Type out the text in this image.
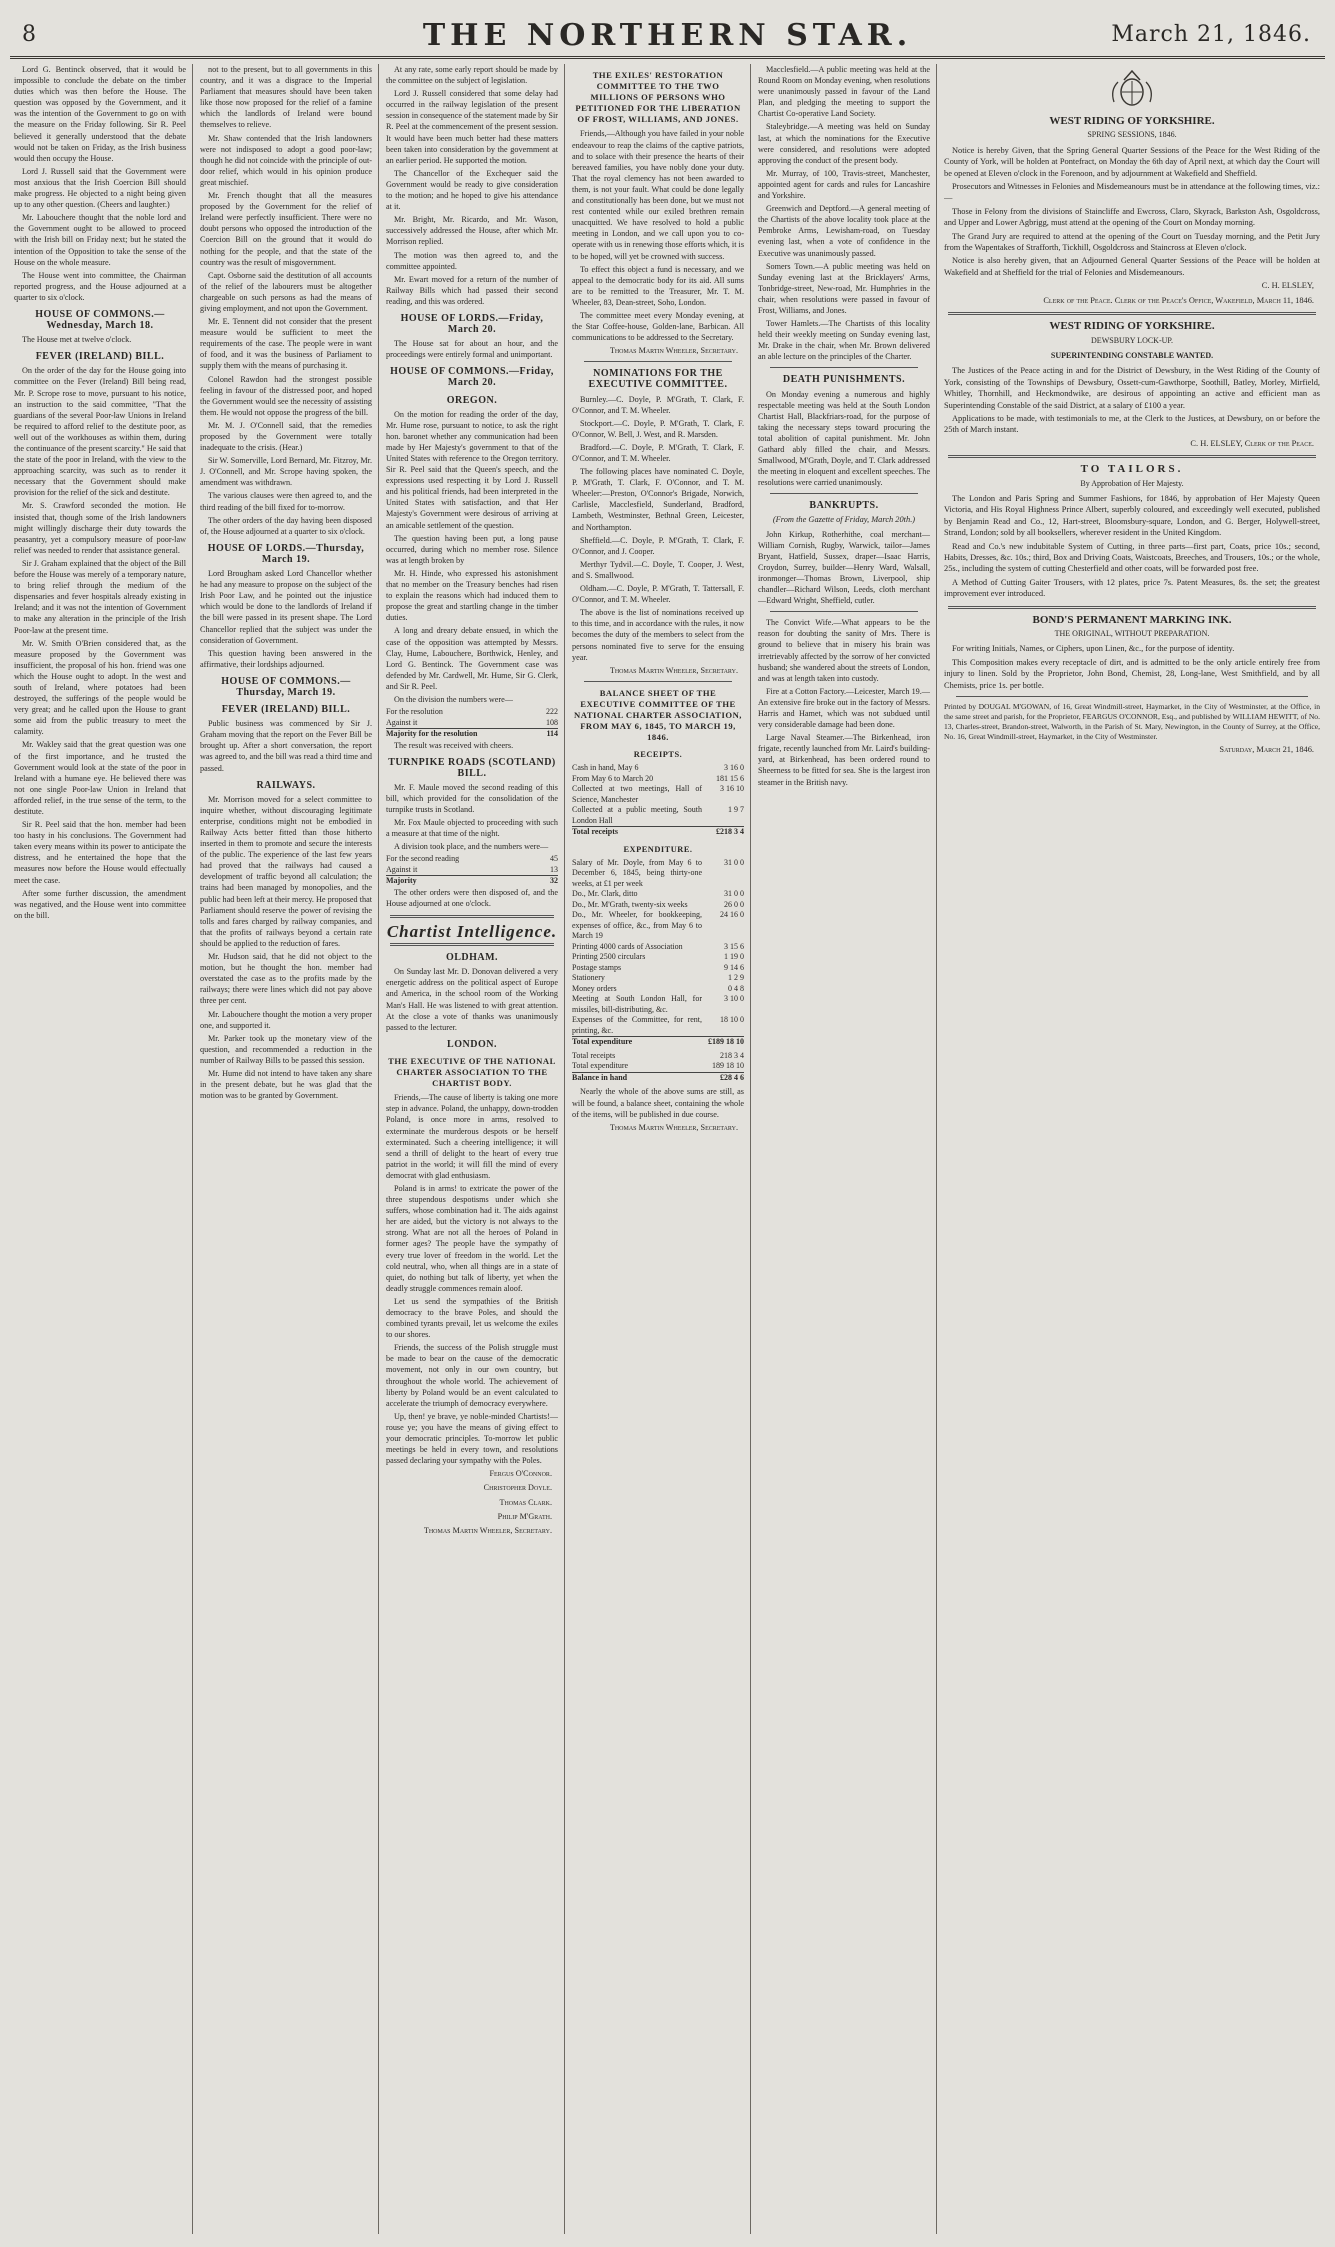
8	THE NORTHERN STAR.	March 21, 1846.

Lord G. Bentinck observed, that it would be impossible to conclude the debate on the timber duties which was then before the House. The question was opposed by the Government, and it was the intention of the Government to go on with the measure on the Friday following. Sir R. Peel believed it generally understood that the debate would not be taken on Friday, as the Irish business would then occupy the House.

Lord J. Russell said that the Government were most anxious that the Irish Coercion Bill should make progress. He objected to a night being given up to any other question. (Cheers and laughter.)

Mr. Labouchere thought that the noble lord and the Government ought to be allowed to proceed with the Irish bill on Friday next; but he stated the intention of the Opposition to take the sense of the House on the whole measure.

The House went into committee, the Chairman reported progress, and the House adjourned at a quarter to six o'clock.

HOUSE OF COMMONS.—Wednesday, March 18.

The House met at twelve o'clock.

FEVER (IRELAND) BILL.

On the order of the day for the House going into committee on the Fever (Ireland) Bill being read, Mr. P. Scrope rose to move, pursuant to his notice, an instruction to the said committee, "That the guardians of the several Poor-law Unions in Ireland be required to afford relief to the destitute poor, as well out of the workhouses as within them, during the continuance of the present scarcity." He said that the state of the poor in Ireland, with the view to the approaching scarcity, was such as to render it necessary that the Government should make provision for the relief of the sick and destitute.

Mr. S. Crawford seconded the motion. He insisted that, though some of the Irish landowners might willingly discharge their duty towards the peasantry, yet a compulsory measure of poor-law relief was needed to render that assistance general.

Sir J. Graham explained that the object of the Bill before the House was merely of a temporary nature, to bring relief through the medium of the dispensaries and fever hospitals already existing in Ireland; and it was not the intention of Government to make any alteration in the principle of the Irish Poor-law at the present time.

Mr. W. Smith O'Brien considered that, as the measure proposed by the Government was insufficient, the proposal of his hon. friend was one which the House ought to adopt. In the west and south of Ireland, where potatoes had been destroyed, the sufferings of the people would be very great; and he called upon the House to grant some aid from the public treasury to meet the calamity.

Mr. Wakley said that the great question was one of the first importance, and he trusted the Government would look at the state of the poor in Ireland with a humane eye. He believed there was not one single Poor-law Union in Ireland that afforded relief, in the true sense of the term, to the destitute.

Sir R. Peel said that the hon. member had been too hasty in his conclusions. The Government had taken every means within its power to anticipate the distress, and he entertained the hope that the measures now before the House would effectually meet the case.

After some further discussion, the amendment was negatived, and the House went into committee on the bill.

not to the present, but to all governments in this country, and it was a disgrace to the Imperial Parliament that measures should have been taken like those now proposed for the relief of a famine which the landlords of Ireland were bound themselves to relieve.

Mr. Shaw contended that the Irish landowners were not indisposed to adopt a good poor-law; though he did not coincide with the principle of out-door relief, which would in his opinion produce great mischief.

Mr. French thought that all the measures proposed by the Government for the relief of Ireland were perfectly insufficient. There were no doubt persons who opposed the introduction of the Coercion Bill on the ground that it would do nothing for the people, and that the state of the country was the result of misgovernment.

Capt. Osborne said the destitution of all accounts of the relief of the labourers must be altogether chargeable on such persons as had the means of giving employment, and not upon the Government.

Mr. E. Tennent did not consider that the present measure would be sufficient to meet the requirements of the case. The people were in want of food, and it was the business of Parliament to supply them with the means of purchasing it.

Colonel Rawdon had the strongest possible feeling in favour of the distressed poor, and hoped the Government would see the necessity of assisting them. He would not oppose the progress of the bill.

Mr. M. J. O'Connell said, that the remedies proposed by the Government were totally inadequate to the crisis. (Hear.)

Sir W. Somerville, Lord Bernard, Mr. Fitzroy, Mr. J. O'Connell, and Mr. Scrope having spoken, the amendment was withdrawn.

The various clauses were then agreed to, and the third reading of the bill fixed for to-morrow.

The other orders of the day having been disposed of, the House adjourned at a quarter to six o'clock.

HOUSE OF LORDS.—Thursday, March 19.

Lord Brougham asked Lord Chancellor whether he had any measure to propose on the subject of the Irish Poor Law, and he pointed out the injustice which would be done to the landlords of Ireland if the bill were passed in its present shape. The Lord Chancellor replied that the subject was under the consideration of Government.

This question having been answered in the affirmative, their lordships adjourned.

HOUSE OF COMMONS.—Thursday, March 19.
FEVER (IRELAND) BILL.

Public business was commenced by Sir J. Graham moving that the report on the Fever Bill be brought up. After a short conversation, the report was agreed to, and the bill was read a third time and passed.

RAILWAYS.

Mr. Morrison moved for a select committee to inquire whether, without discouraging legitimate enterprise, conditions might not be embodied in Railway Acts better fitted than those hitherto inserted in them to promote and secure the interests of the public. The experience of the last few years had proved that the railways had caused a development of traffic beyond all calculation; the trains had been managed by monopolies, and the public had been left at their mercy. He proposed that Parliament should reserve the power of revising the tolls and fares charged by railway companies, and that the profits of railways beyond a certain rate should be applied to the reduction of fares.

Mr. Hudson said, that he did not object to the motion, but he thought the hon. member had overstated the case as to the profits made by the railways; there were lines which did not pay above three per cent.

Mr. Labouchere thought the motion a very proper one, and supported it.

Mr. Parker took up the monetary view of the question, and recommended a reduction in the number of Railway Bills to be passed this session.

Mr. Hume did not intend to have taken any share in the present debate, but he was glad that the motion was to be granted by Government.

At any rate, some early report should be made by the committee on the subject of legislation.

Lord J. Russell considered that some delay had occurred in the railway legislation of the present session in consequence of the statement made by Sir R. Peel at the commencement of the present session. It would have been much better had these matters been taken into consideration by the government at an earlier period. He supported the motion.

The Chancellor of the Exchequer said the Government would be ready to give consideration to the motion; and he hoped to give his attendance at it.

Mr. Bright, Mr. Ricardo, and Mr. Wason, successively addressed the House, after which Mr. Morrison replied.

The motion was then agreed to, and the committee appointed.

Mr. Ewart moved for a return of the number of Railway Bills which had passed their second reading, and this was ordered.

HOUSE OF LORDS.—Friday, March 20.

The House sat for about an hour, and the proceedings were entirely formal and unimportant.

HOUSE OF COMMONS.—Friday, March 20.
OREGON.

On the motion for reading the order of the day, Mr. Hume rose, pursuant to notice, to ask the right hon. baronet whether any communication had been made by Her Majesty's government to that of the United States with reference to the Oregon territory. Sir R. Peel said that the Queen's speech, and the expressions used respecting it by Lord J. Russell and his political friends, had been interpreted in the United States with satisfaction, and that Her Majesty's Government were desirous of arriving at an amicable settlement of the question.

The question having been put, a long pause occurred, during which no member rose. Silence was at length broken by

Mr. H. Hinde, who expressed his astonishment that no member on the Treasury benches had risen to explain the reasons which had induced them to propose the great and startling change in the timber duties.

A long and dreary debate ensued, in which the case of the opposition was attempted by Messrs. Clay, Hume, Labouchere, Borthwick, Henley, and Lord G. Bentinck. The Government case was defended by Mr. Cardwell, Mr. Hume, Sir G. Clerk, and Sir R. Peel.

On the division the numbers were—

For the resolution	222
Against it	108
Majority for the resolution	114

The result was received with cheers.

TURNPIKE ROADS (SCOTLAND) BILL.

Mr. F. Maule moved the second reading of this bill, which provided for the consolidation of the turnpike trusts in Scotland.

Mr. Fox Maule objected to proceeding with such a measure at that time of the night.

A division took place, and the numbers were—

For the second reading	45
Against it	13
Majority	32

The other orders were then disposed of, and the House adjourned at one o'clock.

Chartist Intelligence.
OLDHAM.

On Sunday last Mr. D. Donovan delivered a very energetic address on the political aspect of Europe and America, in the school room of the Working Man's Hall. He was listened to with great attention. At the close a vote of thanks was unanimously passed to the lecturer.

LONDON.
THE EXECUTIVE OF THE NATIONAL CHARTER ASSOCIATION TO THE CHARTIST BODY.

Friends,—The cause of liberty is taking one more step in advance. Poland, the unhappy, down-trodden Poland, is once more in arms, resolved to exterminate the murderous despots or be herself exterminated. Such a cheering intelligence; it will send a thrill of delight to the heart of every true patriot in the world; it will fill the mind of every democrat with glad enthusiasm.

Poland is in arms! to extricate the power of the three stupendous despotisms under which she suffers, whose combination had it. The aids against her are aided, but the victory is not always to the strong. What are not all the heroes of Poland in former ages? The people have the sympathy of every true lover of freedom in the world. Let the cold neutral, who, when all things are in a state of quiet, do nothing but talk of liberty, yet when the deadly struggle commences remain aloof.

Let us send the sympathies of the British democracy to the brave Poles, and should the combined tyrants prevail, let us welcome the exiles to our shores.

Friends, the success of the Polish struggle must be made to bear on the cause of the democratic movement, not only in our own country, but throughout the whole world. The achievement of liberty by Poland would be an event calculated to accelerate the triumph of democracy everywhere.

Up, then! ye brave, ye noble-minded Chartists!—rouse ye; you have the means of giving effect to your democratic principles. To-morrow let public meetings be held in every town, and resolutions passed declaring your sympathy with the Poles.

Fergus O'Connor.

Christopher Doyle.

Thomas Clark.

Philip M'Grath.

Thomas Martin Wheeler, Secretary.

THE EXILES' RESTORATION COMMITTEE TO THE TWO MILLIONS OF PERSONS WHO PETITIONED FOR THE LIBERATION OF FROST, WILLIAMS, AND JONES.

Friends,—Although you have failed in your noble endeavour to reap the claims of the captive patriots, and to solace with their presence the hearts of their bereaved families, you have nobly done your duty. That the royal clemency has not been awarded to them, is not your fault. What could be done legally and constitutionally has been done, but we must not rest contented while our exiled brethren remain unacquitted. We have resolved to hold a public meeting in London, and we call upon you to co-operate with us in renewing those efforts which, it is to be hoped, will yet be crowned with success.

To effect this object a fund is necessary, and we appeal to the democratic body for its aid. All sums are to be remitted to the Treasurer, Mr. T. M. Wheeler, 83, Dean-street, Soho, London.

The committee meet every Monday evening, at the Star Coffee-house, Golden-lane, Barbican. All communications to be addressed to the Secretary.

Thomas Martin Wheeler, Secretary.

NOMINATIONS FOR THE EXECUTIVE COMMITTEE.

Burnley.—C. Doyle, P. M'Grath, T. Clark, F. O'Connor, and T. M. Wheeler.

Stockport.—C. Doyle, P. M'Grath, T. Clark, F. O'Connor, W. Bell, J. West, and R. Marsden.

Bradford.—C. Doyle, P. M'Grath, T. Clark, F. O'Connor, and T. M. Wheeler.

The following places have nominated C. Doyle, P. M'Grath, T. Clark, F. O'Connor, and T. M. Wheeler:—Preston, O'Connor's Brigade, Norwich, Carlisle, Macclesfield, Sunderland, Bradford, Lambeth, Westminster, Bethnal Green, Leicester, and Northampton.

Sheffield.—C. Doyle, P. M'Grath, T. Clark, F. O'Connor, and J. Cooper.

Merthyr Tydvil.—C. Doyle, T. Cooper, J. West, and S. Smallwood.

Oldham.—C. Doyle, P. M'Grath, T. Tattersall, F. O'Connor, and T. M. Wheeler.

The above is the list of nominations received up to this time, and in accordance with the rules, it now becomes the duty of the members to select from the persons nominated five to serve for the ensuing year.

Thomas Martin Wheeler, Secretary.

BALANCE SHEET OF THE EXECUTIVE COMMITTEE OF THE NATIONAL CHARTER ASSOCIATION, FROM MAY 6, 1845, TO MARCH 19, 1846.
RECEIPTS.
Cash in hand, May 6	3 16 0
From May 6 to March 20	181 15 6
Collected at two meetings, Hall of Science, Manchester	3 16 10
Collected at a public meeting, South London Hall	1 9 7
Total receipts	£218 3 4
EXPENDITURE.
Salary of Mr. Doyle, from May 6 to December 6, 1845, being thirty-one weeks, at £1 per week	31 0 0
Do., Mr. Clark, ditto	31 0 0
Do., Mr. M'Grath, twenty-six weeks	26 0 0
Do., Mr. Wheeler, for bookkeeping, expenses of office, &c., from May 6 to March 19	24 16 0
Printing 4000 cards of Association	3 15 6
Printing 2500 circulars	1 19 0
Postage stamps	9 14 6
Stationery	1 2 9
Money orders	0 4 8
Meeting at South London Hall, for missiles, bill-distributing, &c.	3 10 0
Expenses of the Committee, for rent, printing, &c.	18 10 0
Total expenditure	£189 18 10
Total receipts	218 3 4
Total expenditure	189 18 10
Balance in hand	£28 4 6

Nearly the whole of the above sums are still, as will be found, a balance sheet, containing the whole of the items, will be published in due course.

Thomas Martin Wheeler, Secretary.

Macclesfield.—A public meeting was held at the Round Room on Monday evening, when resolutions were unanimously passed in favour of the Land Plan, and pledging the meeting to support the Chartist Co-operative Land Society.

Staleybridge.—A meeting was held on Sunday last, at which the nominations for the Executive were considered, and resolutions were adopted approving the conduct of the present body.

Mr. Murray, of 100, Travis-street, Manchester, appointed agent for cards and rules for Lancashire and Yorkshire.

Greenwich and Deptford.—A general meeting of the Chartists of the above locality took place at the Pembroke Arms, Lewisham-road, on Tuesday evening last, when a vote of confidence in the Executive was unanimously passed.

Somers Town.—A public meeting was held on Sunday evening last at the Bricklayers' Arms, Tonbridge-street, New-road, Mr. Humphries in the chair, when resolutions were passed in favour of Frost, Williams, and Jones.

Tower Hamlets.—The Chartists of this locality held their weekly meeting on Sunday evening last, Mr. Drake in the chair, when Mr. Brown delivered an able lecture on the principles of the Charter.

DEATH PUNISHMENTS.

On Monday evening a numerous and highly respectable meeting was held at the South London Chartist Hall, Blackfriars-road, for the purpose of taking the necessary steps toward procuring the total abolition of capital punishment. Mr. John Gathard ably filled the chair, and Messrs. Smallwood, M'Grath, Doyle, and T. Clark addressed the meeting in eloquent and excellent speeches. The resolutions were carried unanimously.

BANKRUPTS.

(From the Gazette of Friday, March 20th.)

John Kirkup, Rotherhithe, coal merchant—William Cornish, Rugby, Warwick, tailor—James Bryant, Hatfield, Sussex, draper—Isaac Harris, Croydon, Surrey, builder—Henry Ward, Walsall, ironmonger—Thomas Brown, Liverpool, ship chandler—Richard Wilson, Leeds, cloth merchant—Edward Wright, Sheffield, cutler.

The Convict Wife.—What appears to be the reason for doubting the sanity of Mrs. There is ground to believe that in misery his brain was irretrievably affected by the sorrow of her convicted husband; she wandered about the streets of London, and was at length taken into custody.

Fire at a Cotton Factory.—Leicester, March 19.—An extensive fire broke out in the factory of Messrs. Harris and Hamet, which was not subdued until very considerable damage had been done.

Large Naval Steamer.—The Birkenhead, iron frigate, recently launched from Mr. Laird's building-yard, at Birkenhead, has been ordered round to Sheerness to be fitted for sea. She is the largest iron steamer in the British navy.

WEST RIDING OF YORKSHIRE.
SPRING SESSIONS, 1846.

Notice is hereby Given, that the Spring General Quarter Sessions of the Peace for the West Riding of the County of York, will be holden at Pontefract, on Monday the 6th day of April next, at which day the Court will be opened at Eleven o'clock in the Forenoon, and by adjournment at Wakefield and Sheffield.

Prosecutors and Witnesses in Felonies and Misdemeanours must be in attendance at the following times, viz.:—

Those in Felony from the divisions of Staincliffe and Ewcross, Claro, Skyrack, Barkston Ash, Osgoldcross, and Upper and Lower Agbrigg, must attend at the opening of the Court on Monday morning.

The Grand Jury are required to attend at the opening of the Court on Tuesday morning, and the Petit Jury from the Wapentakes of Strafforth, Tickhill, Osgoldcross and Staincross at Eleven o'clock.

Notice is also hereby given, that an Adjourned General Quarter Sessions of the Peace will be holden at Wakefield and at Sheffield for the trial of Felonies and Misdemeanours.

C. H. ELSLEY,

Clerk of the Peace. Clerk of the Peace's Office, Wakefield, March 11, 1846.

WEST RIDING OF YORKSHIRE.
DEWSBURY LOCK-UP.
SUPERINTENDING CONSTABLE WANTED.

The Justices of the Peace acting in and for the District of Dewsbury, in the West Riding of the County of York, consisting of the Townships of Dewsbury, Ossett-cum-Gawthorpe, Soothill, Batley, Morley, Mirfield, Whitley, Thornhill, and Heckmondwike, are desirous of appointing an active and efficient man as Superintending Constable of the said District, at a salary of £100 a year.

Applications to be made, with testimonials to me, at the Clerk to the Justices, at Dewsbury, on or before the 25th of March instant.

C. H. ELSLEY, Clerk of the Peace.

TO TAILORS.
By Approbation of Her Majesty.

The London and Paris Spring and Summer Fashions, for 1846, by approbation of Her Majesty Queen Victoria, and His Royal Highness Prince Albert, superbly coloured, and exceedingly well executed, published by Benjamin Read and Co., 12, Hart-street, Bloomsbury-square, London, and G. Berger, Holywell-street, Strand, London; sold by all booksellers, wherever resident in the United Kingdom.

Read and Co.'s new indubitable System of Cutting, in three parts—first part, Coats, price 10s.; second, Habits, Dresses, &c. 10s.; third, Box and Driving Coats, Waistcoats, Breeches, and Trousers, 10s.; or the whole, 25s., including the system of cutting Chesterfield and other coats, will be forwarded post free.

A Method of Cutting Gaiter Trousers, with 12 plates, price 7s. Patent Measures, 8s. the set; the greatest improvement ever introduced.

BOND'S PERMANENT MARKING INK.
THE ORIGINAL, WITHOUT PREPARATION.

For writing Initials, Names, or Ciphers, upon Linen, &c., for the purpose of identity.

This Composition makes every receptacle of dirt, and is admitted to be the only article entirely free from injury to linen. Sold by the Proprietor, John Bond, Chemist, 28, Long-lane, West Smithfield, and by all Chemists, price 1s. per bottle.

Printed by DOUGAL M'GOWAN, of 16, Great Windmill-street, Haymarket, in the City of Westminster, at the Office, in the same street and parish, for the Proprietor, FEARGUS O'CONNOR, Esq., and published by WILLIAM HEWITT, of No. 13, Charles-street, Brandon-street, Walworth, in the Parish of St. Mary, Newington, in the County of Surrey, at the Office, No. 16, Great Windmill-street, Haymarket, in the City of Westminster.

Saturday, March 21, 1846.
